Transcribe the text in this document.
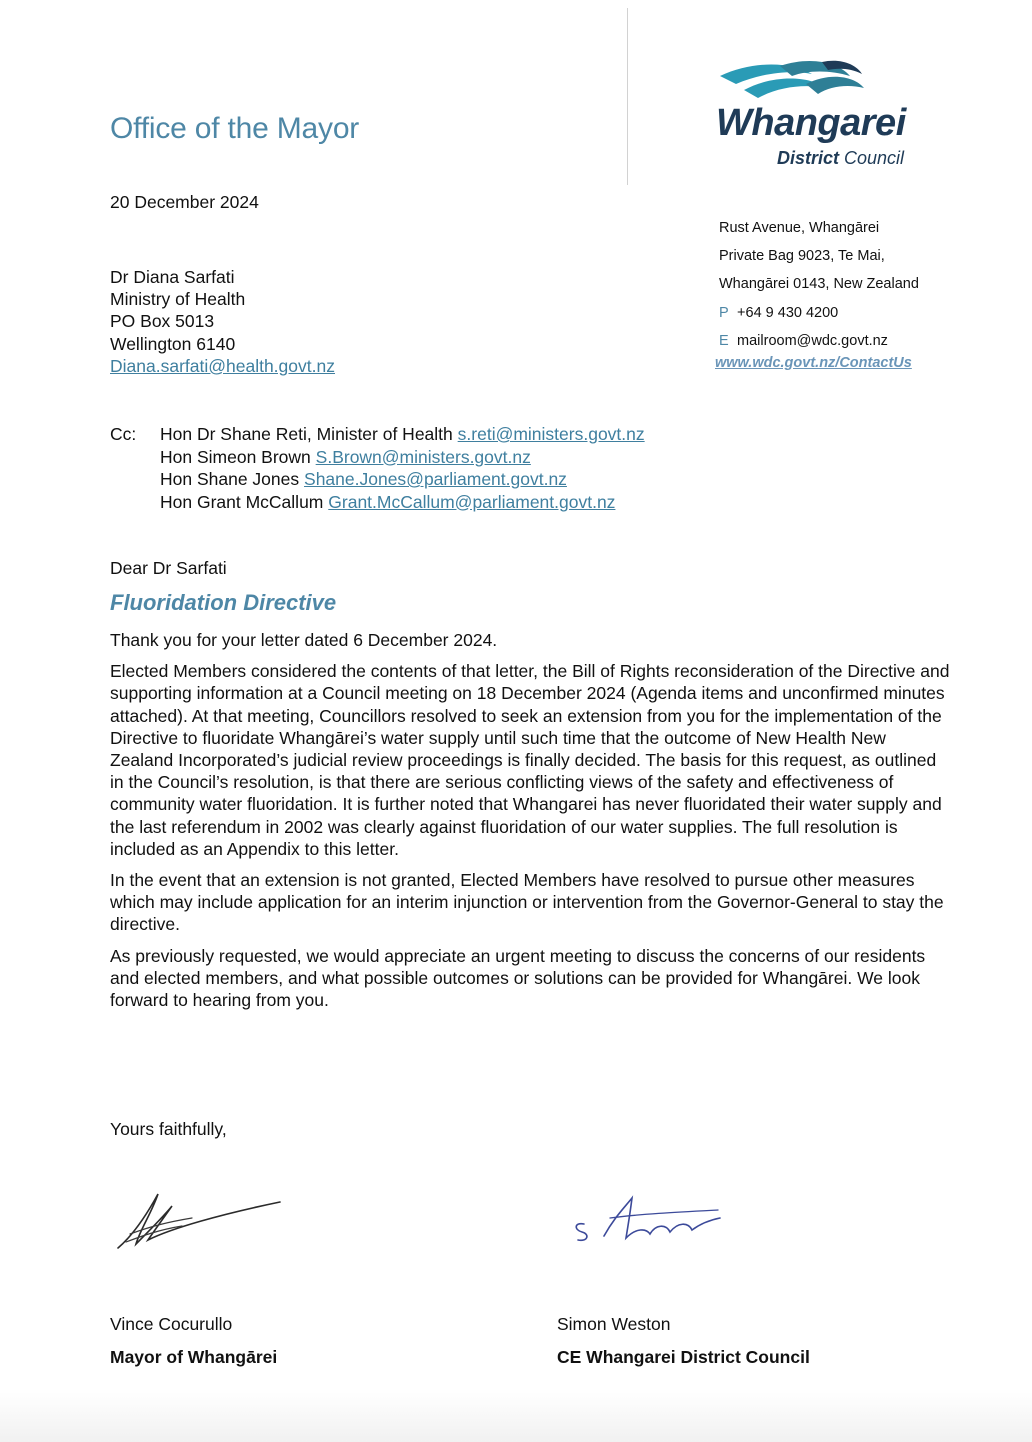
Office of the Mayor	Whangarei
District Council
Rust Avenue, Whangārei
Private Bag 9023, Te Mai,
Whangārei 0143, New Zealand
P +64 9 430 4200
E mailroom@wdc.govt.nz
www.wdc.govt.nz/ContactUs
20 December 2024
Dr Diana Sarfati
Ministry of Health
PO Box 5013
Wellington 6140
Diana.sarfati@health.govt.nz
Cc: Hon Dr Shane Reti, Minister of Health s.reti@ministers.govt.nz
Hon Simeon Brown S.Brown@ministers.govt.nz
Hon Shane Jones Shane.Jones@parliament.govt.nz
Hon Grant McCallum Grant.McCallum@parliament.govt.nz
Dear Dr Sarfati
Fluoridation Directive

Thank you for your letter dated 6 December 2024.

Elected Members considered the contents of that letter, the Bill of Rights reconsideration of the Directive and supporting information at a Council meeting on 18 December 2024 (Agenda items and unconfirmed minutes attached). At that meeting, Councillors resolved to seek an extension from you for the implementation of the Directive to fluoridate Whangārei’s water supply until such time that the outcome of New Health New Zealand Incorporated’s judicial review proceedings is finally decided. The basis for this request, as outlined in the Council’s resolution, is that there are serious conflicting views of the safety and effectiveness of community water fluoridation. It is further noted that Whangarei has never fluoridated their water supply and the last referendum in 2002 was clearly against fluoridation of our water supplies. The full resolution is included as an Appendix to this letter.

In the event that an extension is not granted, Elected Members have resolved to pursue other measures which may include application for an interim injunction or intervention from the Governor-General to stay the directive.

As previously requested, we would appreciate an urgent meeting to discuss the concerns of our residents and elected members, and what possible outcomes or solutions can be provided for Whangārei. We look forward to hearing from you.

Yours faithfully,
Vince Cocurullo
Mayor of Whangārei
Simon Weston
CE Whangarei District Council
